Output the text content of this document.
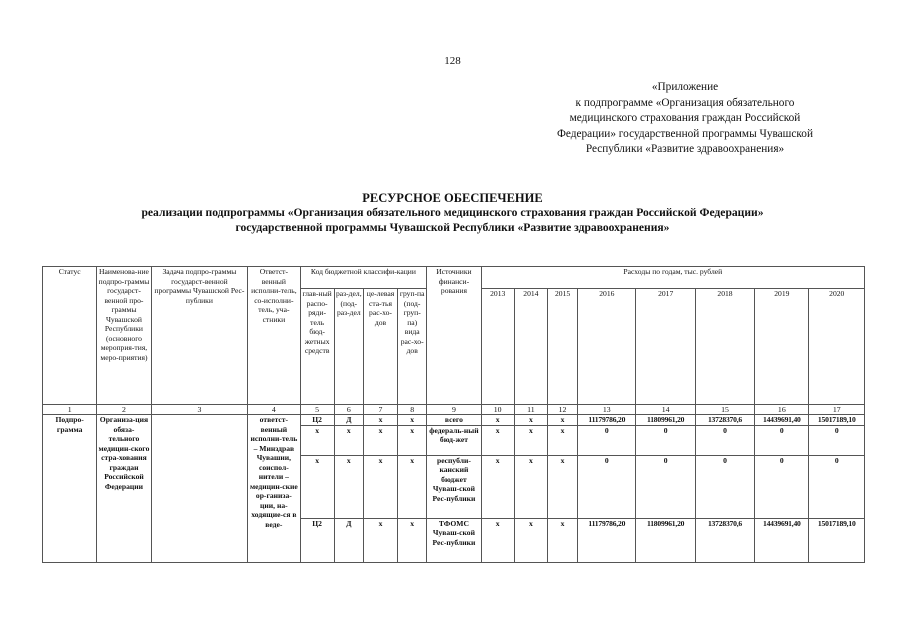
128
«Приложение
к подпрограмме «Организация обязательного
медицинского страхования граждан Российской
Федерации» государственной программы Чувашской
Республики «Развитие здравоохранения»
РЕСУРСНОЕ ОБЕСПЕЧЕНИЕ
реализации подпрограммы «Организация обязательного медицинского страхования граждан Российской Федерации»
государственной программы Чувашской Республики «Развитие здравоохранения»
Статус	Наименова-ние подпро-граммы государст-венной про-граммы Чувашской Республики (основного мероприя-тия, меро-приятия)	Задача подпро-граммы государст-венной программы Чувашской Рес-публики	Ответст-венный исполни-тель, со-исполни-тель, уча-стники	Код бюджетной классифи-кации				Источники финанси-рования	Расходы по годам, тыс. рублей							
				глав-ный распо-ряди-тель бюд-жетных средств	раз-дел, (под-раз-дел	це-левая ста-тья рас-хо-дов	груп-па (под-груп-па) вида рас-хо-дов		2013	2014	2015	2016	2017	2018	2019	2020
1	2	3	4	5	6	7	8	9	10	11	12	13	14	15	16	17
Подпро-грамма	Организа-ция обяза-тельного медицин-ского стра-хования граждан Российской Федерации		ответст-венный исполни-тель – Минздрав Чувашии, соиспол-нители – медицин-ские ор-ганиза-ции, на-ходящие-ся в веде-	Ц2	Д	х	х	всего	х	х	х	11179786,20	11809961,20	13728370,6	14439691,40	15017189,10
				х	х	х	х	федераль-ный бюд-жет	х	х	х	0	0	0	0	0
				х	х	х	х	республи-канский бюджет Чуваш-ской Рес-публики	х	х	х	0	0	0	0	0
				Ц2	Д	х	х	ТФОМС Чуваш-ской Рес-публики	х	х	х	11179786,20	11809961,20	13728370,6	14439691,40	15017189,10
